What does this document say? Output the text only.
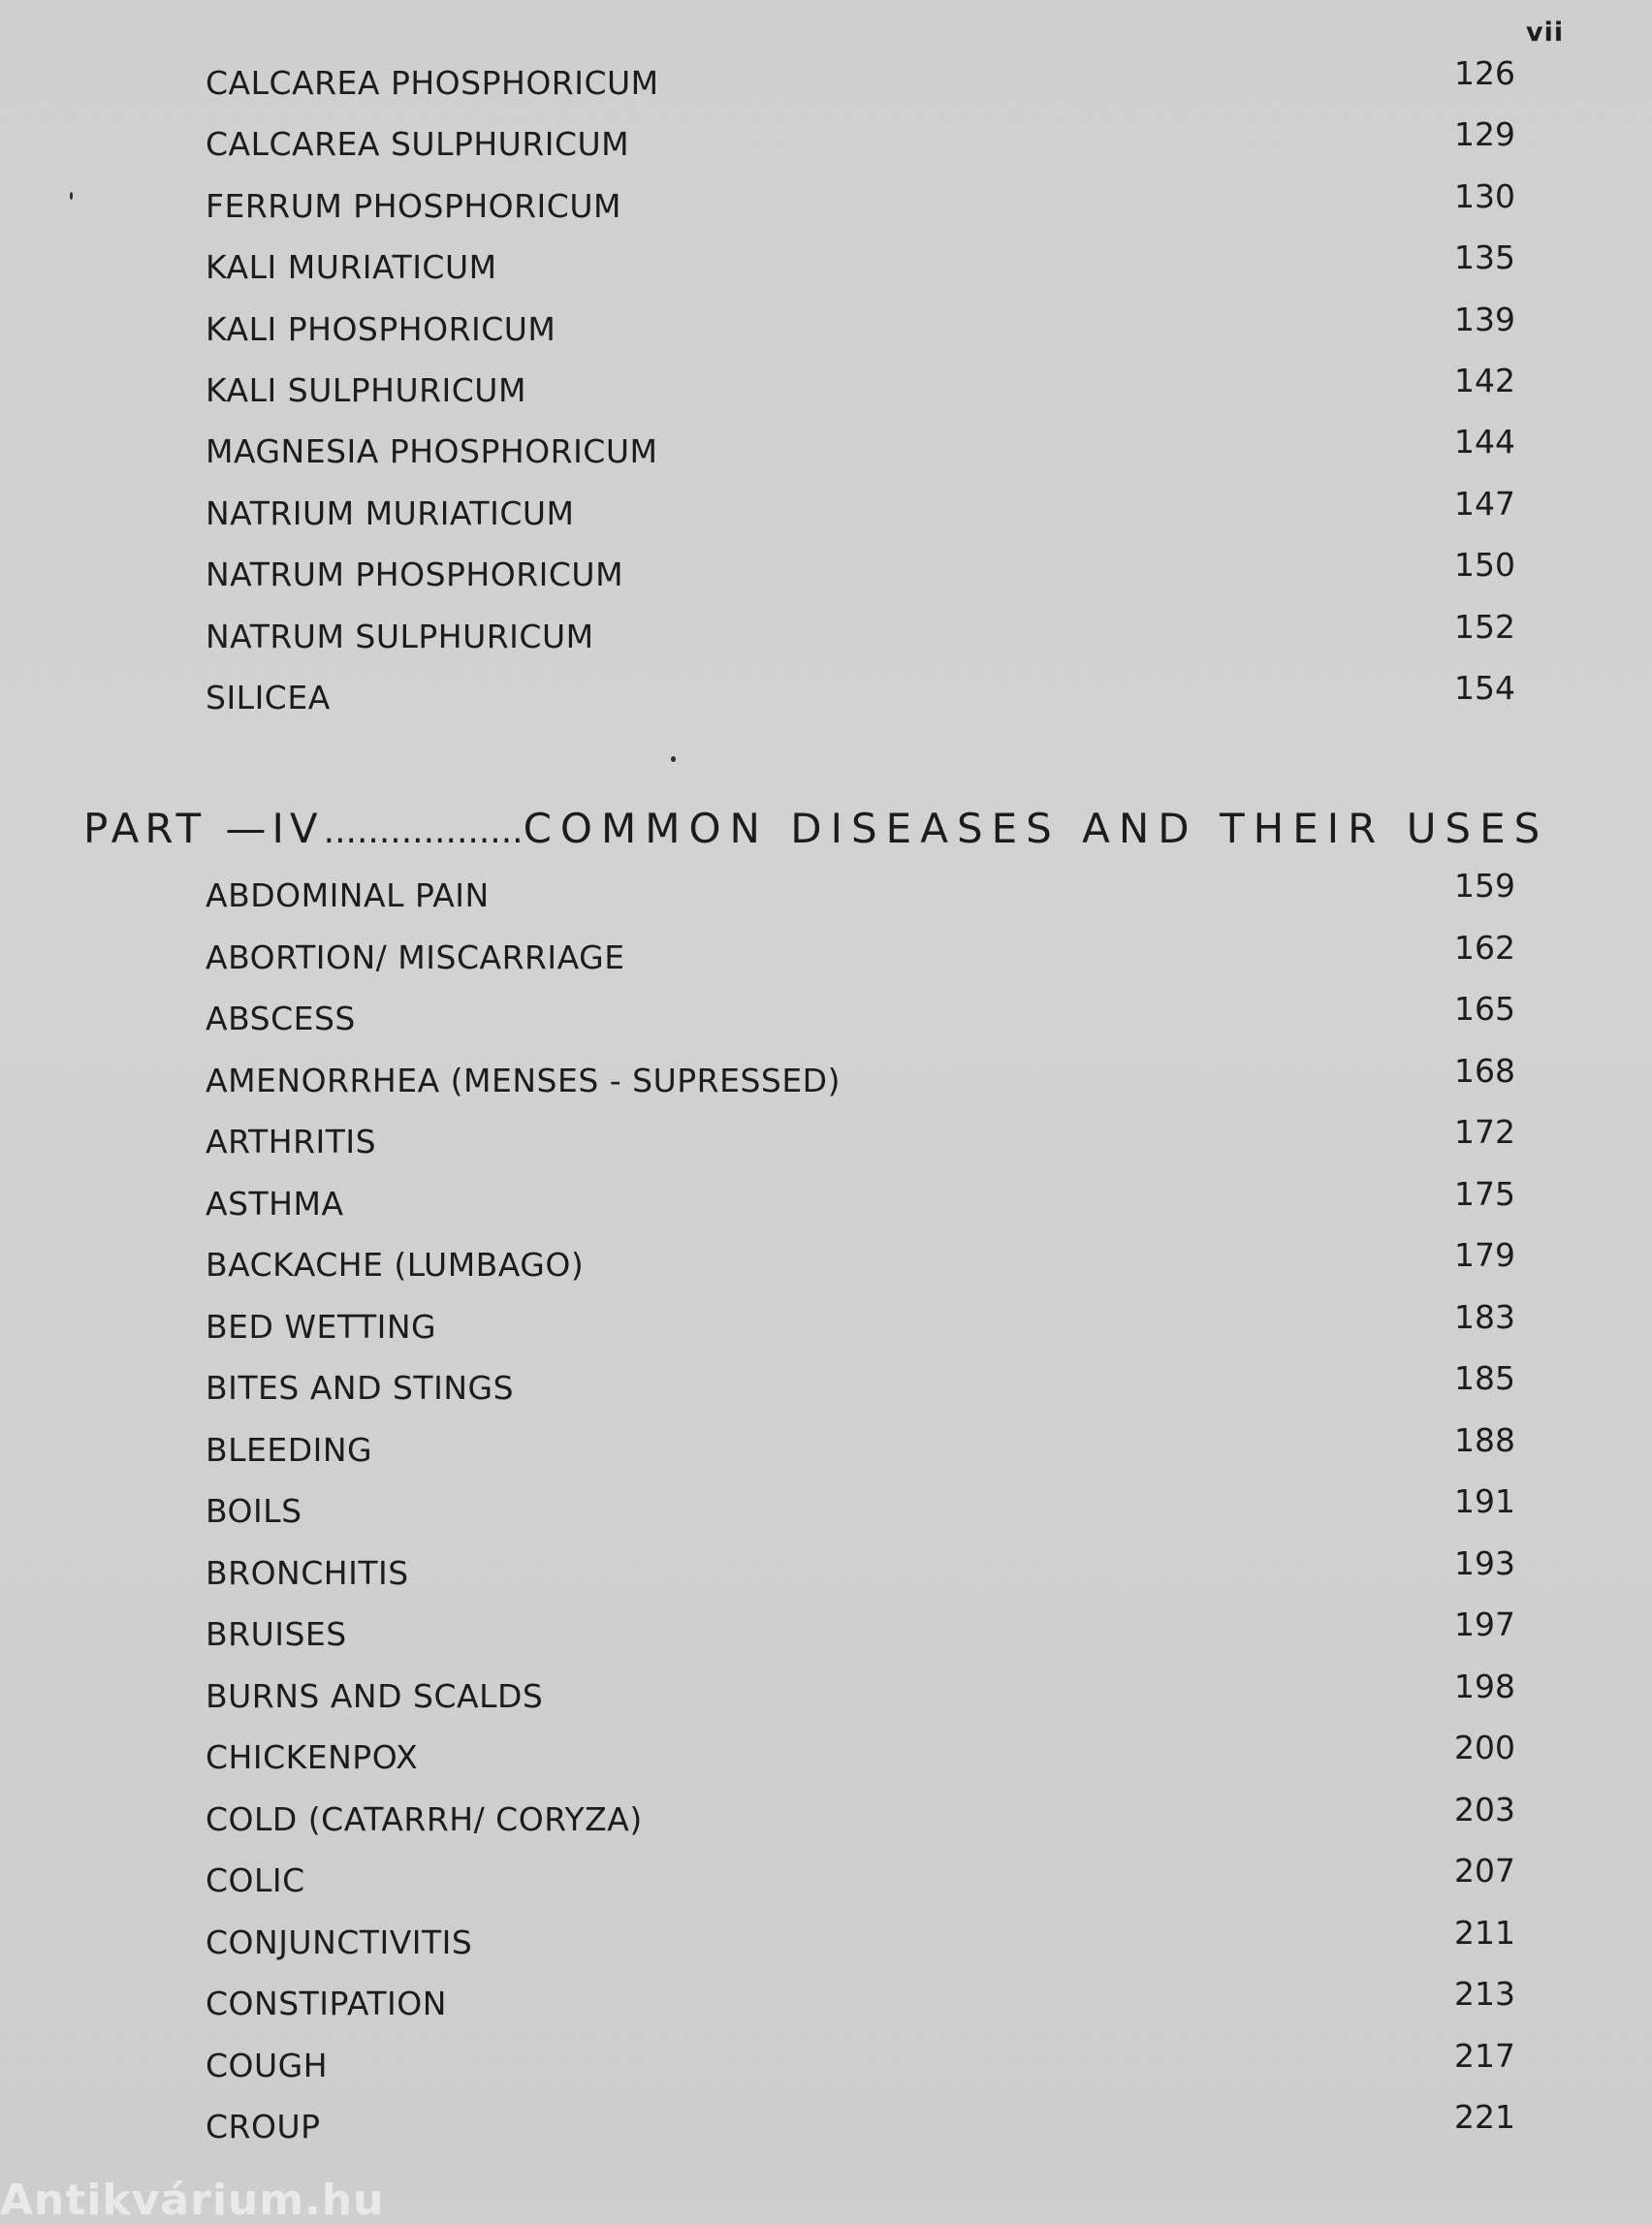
vii
CALCAREA PHOSPHORICUM	126
CALCAREA SULPHURICUM	129
FERRUM PHOSPHORICUM	130
KALI MURIATICUM	135
KALI PHOSPHORICUM	139
KALI SULPHURICUM	142
MAGNESIA PHOSPHORICUM	144
NATRIUM MURIATICUM	147
NATRUM PHOSPHORICUM	150
NATRUM SULPHURICUM	152
SILICEA	154
PART —IV..................COMMON DISEASES AND THEIR USES
ABDOMINAL PAIN	159
ABORTION/ MISCARRIAGE	162
ABSCESS	165
AMENORRHEA (MENSES - SUPRESSED)	168
ARTHRITIS	172
ASTHMA	175
BACKACHE (LUMBAGO)	179
BED WETTING	183
BITES AND STINGS	185
BLEEDING	188
BOILS	191
BRONCHITIS	193
BRUISES	197
BURNS AND SCALDS	198
CHICKENPOX	200
COLD (CATARRH/ CORYZA)	203
COLIC	207
CONJUNCTIVITIS	211
CONSTIPATION	213
COUGH	217
CROUP	221
Antikvárium.hu
